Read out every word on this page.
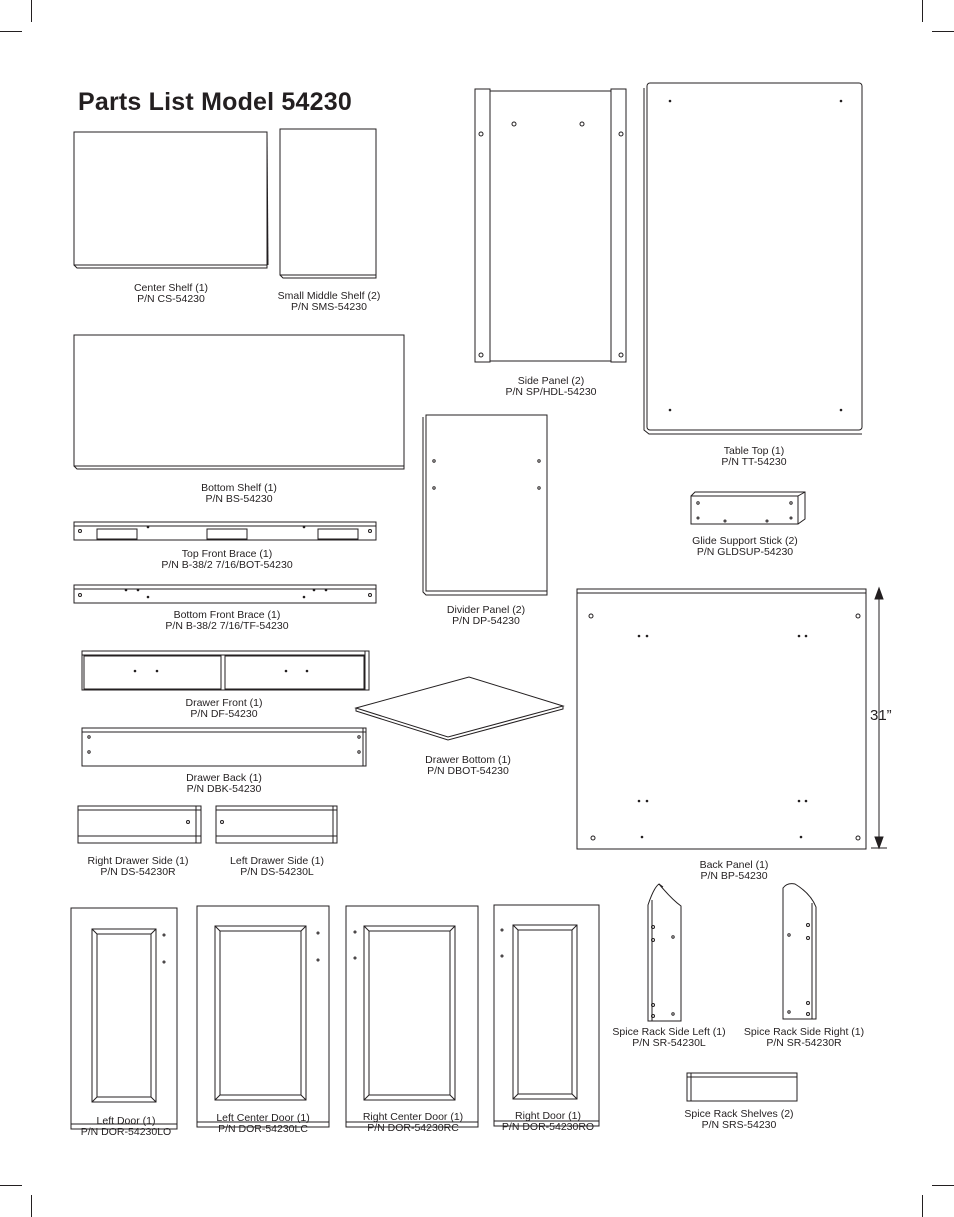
Parts List Model 54230
31”
Center Shelf (1)
P/N CS-54230	Small Middle Shelf (2)
P/N SMS-54230
Side Panel (2)
P/N SP/HDL-54230
Table Top (1)
P/N TT-54230
Bottom Shelf (1)
P/N BS-54230
Top Front Brace (1)
P/N B-38/2 7/16/BOT-54230
Bottom Front Brace (1)
P/N B-38/2 7/16/TF-54230
Divider Panel (2)
P/N DP-54230
Glide Support Stick (2)
P/N GLDSUP-54230
Drawer Front (1)
P/N DF-54230
Drawer Bottom (1)
P/N DBOT-54230
Drawer Back (1)
P/N DBK-54230
Back Panel (1)
P/N BP-54230
Right Drawer Side (1)
P/N DS-54230R
Left Drawer Side (1)
P/N DS-54230L
Left Door (1)
P/N DOR-54230LO
Left Center Door (1)
P/N DOR-54230LC
Right Center Door (1)
P/N DOR-54230RC
Right Door (1)
P/N DOR-54230RO
Spice Rack Side Left (1)
P/N SR-54230L
Spice Rack Side Right (1)
P/N SR-54230R
Spice Rack Shelves (2)
P/N SRS-54230
